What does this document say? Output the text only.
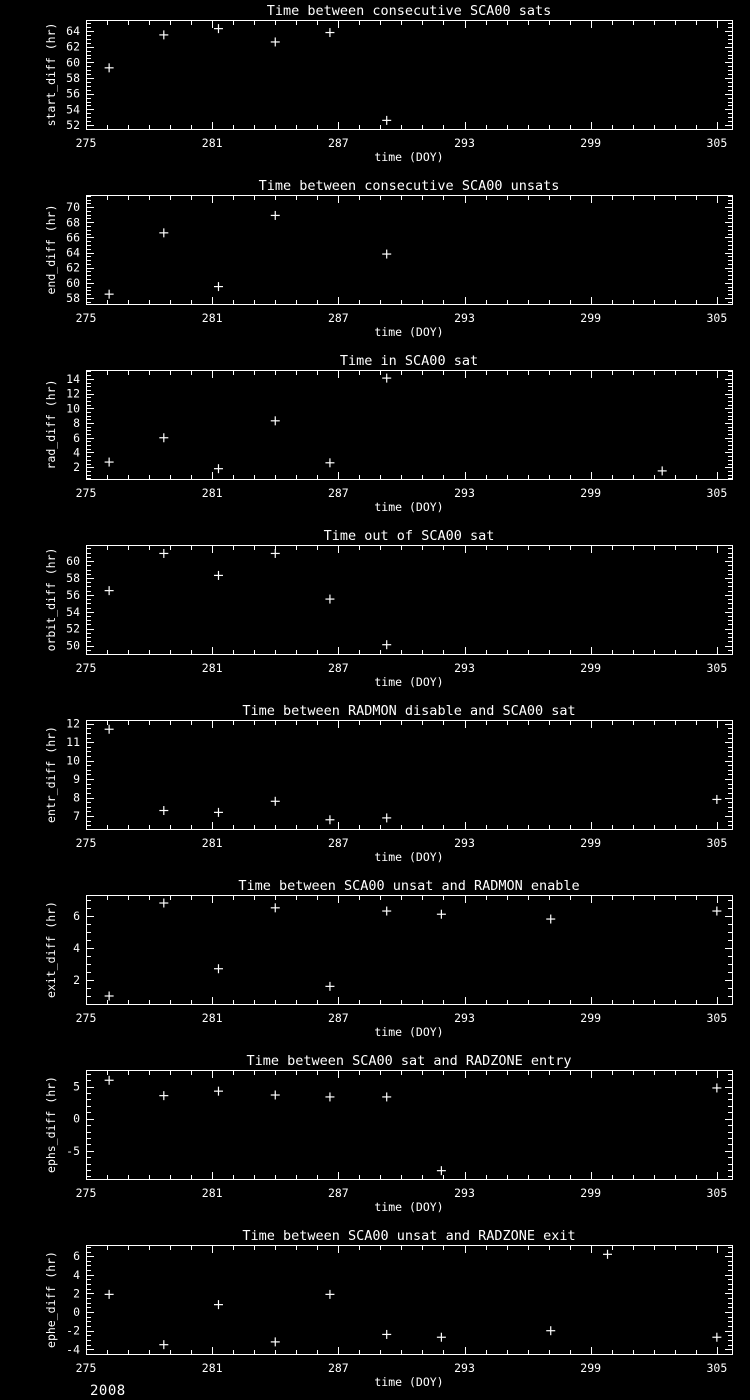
275	281	287	293	299	305
52
54
56
58
60
62
64
Time between consecutive SCA00 sats
time (DOY)
start_diff (hr)
275	281	287	293	299	305
58
60
62
64
66
68
70
Time between consecutive SCA00 unsats
time (DOY)
end_diff (hr)
275	281	287	293	299	305
2
4
6
8
10
12
14
Time in SCA00 sat
time (DOY)
rad_diff (hr)
275	281	287	293	299	305
50
52
54
56
58
60
Time out of SCA00 sat
time (DOY)
orbit_diff (hr)
275	281	287	293	299	305
7
8
9
10
11
12
Time between RADMON disable and SCA00 sat
time (DOY)
entr_diff (hr)
275	281	287	293	299	305
2
4
6
Time between SCA00 unsat and RADMON enable
time (DOY)
exit_diff (hr)
275	281	287	293	299	305
-5
0
5
Time between SCA00 sat and RADZONE entry
time (DOY)
ephs_diff (hr)
275	281	287	293	299	305
-4
-2
0
2
4
6
Time between SCA00 unsat and RADZONE exit
time (DOY)
ephe_diff (hr)
2008
